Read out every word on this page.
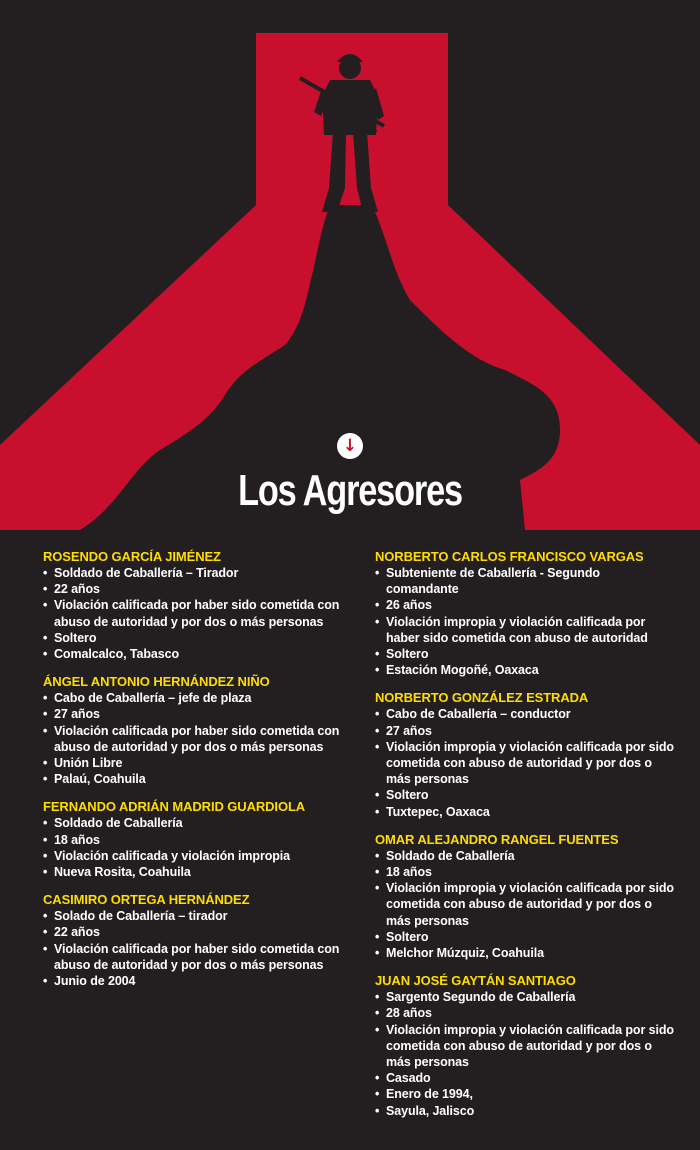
↓
Los Agresores
ROSENDO GARCÍA JIMÉNEZ
• Soldado de Caballería – Tirador
• 22 años
• Violación calificada por haber sido cometida con abuso de autoridad y por dos o más personas
• Soltero
• Comalcalco, Tabasco
ÁNGEL ANTONIO HERNÁNDEZ NIÑO
• Cabo de Caballería – jefe de plaza
• 27 años
• Violación calificada por haber sido cometida con abuso de autoridad y por dos o más personas
• Unión Libre
• Palaú, Coahuila
FERNANDO ADRIÁN MADRID GUARDIOLA
• Soldado de Caballería
• 18 años
• Violación calificada y violación impropia
• Nueva Rosita, Coahuila
CASIMIRO ORTEGA HERNÁNDEZ
• Solado de Caballería – tirador
• 22 años
• Violación calificada por haber sido cometida con abuso de autoridad y por dos o más personas
• Junio de 2004
NORBERTO CARLOS FRANCISCO VARGAS
• Subteniente de Caballería - Segundo comandante
• 26 años
• Violación impropia y violación calificada por haber sido cometida con abuso de autoridad
• Soltero
• Estación Mogoñé, Oaxaca
NORBERTO GONZÁLEZ ESTRADA
• Cabo de Caballería – conductor
• 27 años
• Violación impropia y violación calificada por sido cometida con abuso de autoridad y por dos o más personas
• Soltero
• Tuxtepec, Oaxaca
OMAR ALEJANDRO RANGEL FUENTES
• Soldado de Caballería
• 18 años
• Violación impropia y violación calificada por sido cometida con abuso de autoridad y por dos o más personas
• Soltero
• Melchor Múzquiz, Coahuila
JUAN JOSÉ GAYTÁN SANTIAGO
• Sargento Segundo de Caballería
• 28 años
• Violación impropia y violación calificada por sido cometida con abuso de autoridad y por dos o más personas
• Casado
• Enero de 1994,
• Sayula, Jalisco
